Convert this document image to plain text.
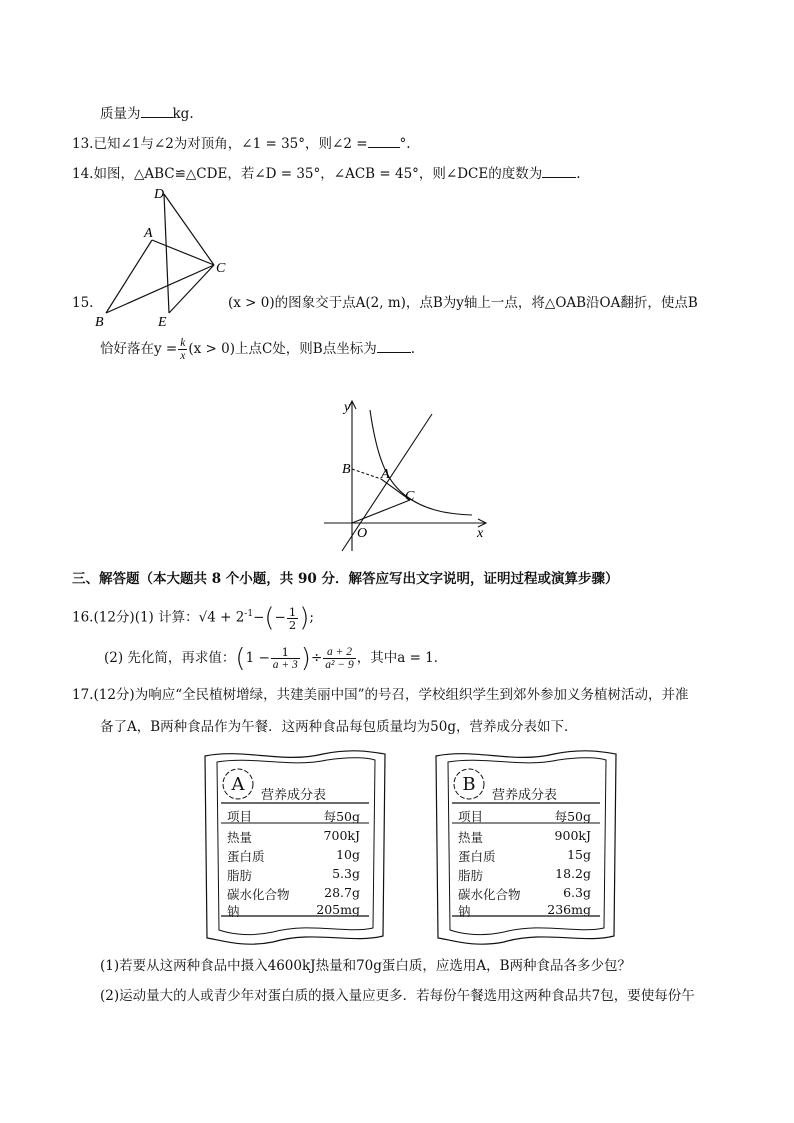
质量为 kg.
13.已知∠1与∠2为对顶角，∠1 = 35°，则∠2 = °.
14.如图，△ABC≌△CDE，若∠D = 35°，∠ACB = 45°，则∠DCE的度数为	.
D
A
C
B	E
15.	(x > 0)的图象交于点A(2, m)，点B为y轴上一点，将△OAB沿OA翻折，使点B
恰好落在$y = \frac{k}{x} (x > 0)$上点C处，则B点坐标为	.
y
B A
C
O	x
三、解答题（本大题共 8 个小题，共 90 分．解答应写出文字说明，证明过程或演算步骤）
16.(12分)(1) 计算：$√4 + 2^{-1}-(- \frac{1}{2}$ );
(2) 先化简，再求值：($1 - \frac{1}{a + 3}$ )÷ $\frac{a + 2}{\text{a² − 9}}$ ，其中a = 1．
17.(12分)为响应“全民植树增绿，共建美丽中国”的号召，学校组织学生到郊外参加义务植树活动，并准
备了A，B两种食品作为午餐．这两种食品每包质量均为50g，营养成分表如下．
A
营养成分表
项目	每50g
热量	700kJ
蛋白质	10g
脂肪	5.3g
碳水化合物	28.7g
钠	205mg
B
营养成分表
项目	每50g
热量	900kJ
蛋白质	15g
脂肪	18.2g
碳水化合物	6.3g
钠	236mg
(1)若要从这两种食品中摄入4600kJ热量和70g蛋白质，应选用A，B两种食品各多少包？
(2)运动量大的人或青少年对蛋白质的摄入量应更多．若每份午餐选用这两种食品共7包，要使每份午
